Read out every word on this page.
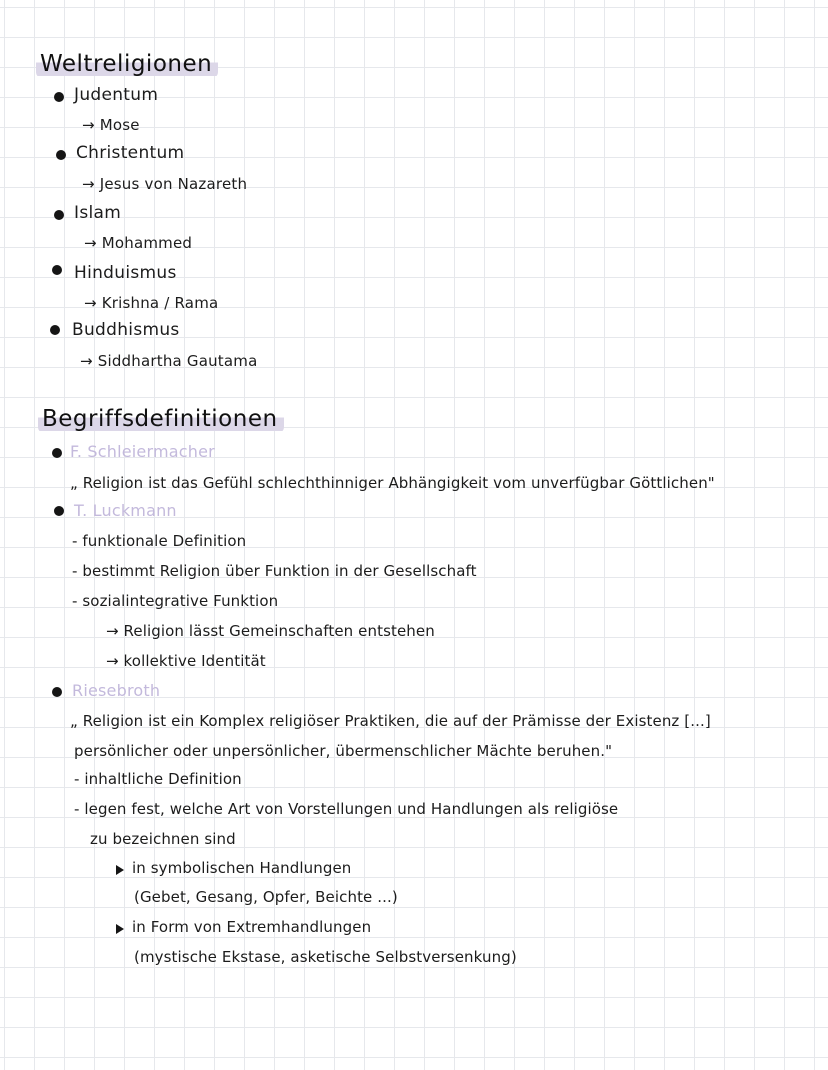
Weltreligionen
Judentum
→ Mose
Christentum
→ Jesus von Nazareth
Islam
→ Mohammed
Hinduismus
→ Krishna / Rama
Buddhismus
→ Siddhartha Gautama
Begriffsdefinitionen
F. Schleiermacher
„ Religion ist das Gefühl schlechthinniger Abhängigkeit vom unverfügbar Göttlichen"
T. Luckmann
- funktionale Definition
- bestimmt Religion über Funktion in der Gesellschaft
- sozialintegrative Funktion
→ Religion lässt Gemeinschaften entstehen
→ kollektive Identität
Riesebroth
„ Religion ist ein Komplex religiöser Praktiken, die auf der Prämisse der Existenz [...]
persönlicher oder unpersönlicher, übermenschlicher Mächte beruhen."
- inhaltliche Definition
- legen fest, welche Art von Vorstellungen und Handlungen als religiöse
zu bezeichnen sind
in symbolischen Handlungen
(Gebet, Gesang, Opfer, Beichte ...)
in Form von Extremhandlungen
(mystische Ekstase, asketische Selbstversenkung)
